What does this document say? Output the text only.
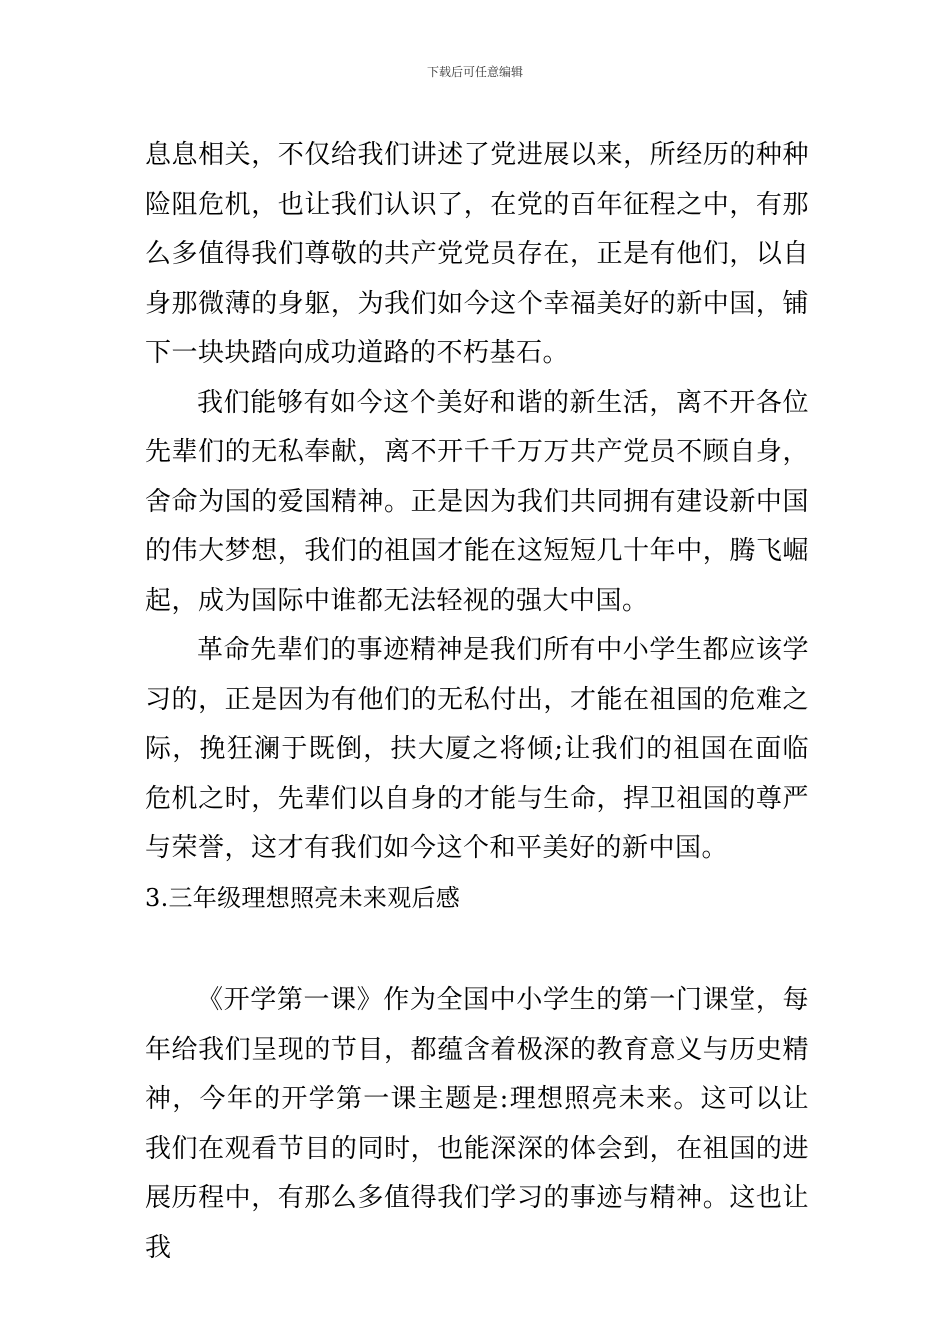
下载后可任意编辑

息息相关，不仅给我们讲述了党进展以来，所经历的种种险阻危机，也让我们认识了，在党的百年征程之中，有那么多值得我们尊敬的共产党党员存在，正是有他们，以自身那微薄的身躯，为我们如今这个幸福美好的新中国，铺下一块块踏向成功道路的不朽基石。

我们能够有如今这个美好和谐的新生活，离不开各位先辈们的无私奉献，离不开千千万万共产党员不顾自身，舍命为国的爱国精神。正是因为我们共同拥有建设新中国的伟大梦想，我们的祖国才能在这短短几十年中，腾飞崛起，成为国际中谁都无法轻视的强大中国。

革命先辈们的事迹精神是我们所有中小学生都应该学习的，正是因为有他们的无私付出，才能在祖国的危难之际，挽狂澜于既倒，扶大厦之将倾;让我们的祖国在面临危机之时，先辈们以自身的才能与生命，捍卫祖国的尊严与荣誉，这才有我们如今这个和平美好的新中国。

3.三年级理想照亮未来观后感

《开学第一课》作为全国中小学生的第一门课堂，每年给我们呈现的节目，都蕴含着极深的教育意义与历史精神，今年的开学第一课主题是:理想照亮未来。这可以让我们在观看节目的同时，也能深深的体会到，在祖国的进展历程中，有那么多值得我们学习的事迹与精神。这也让我
